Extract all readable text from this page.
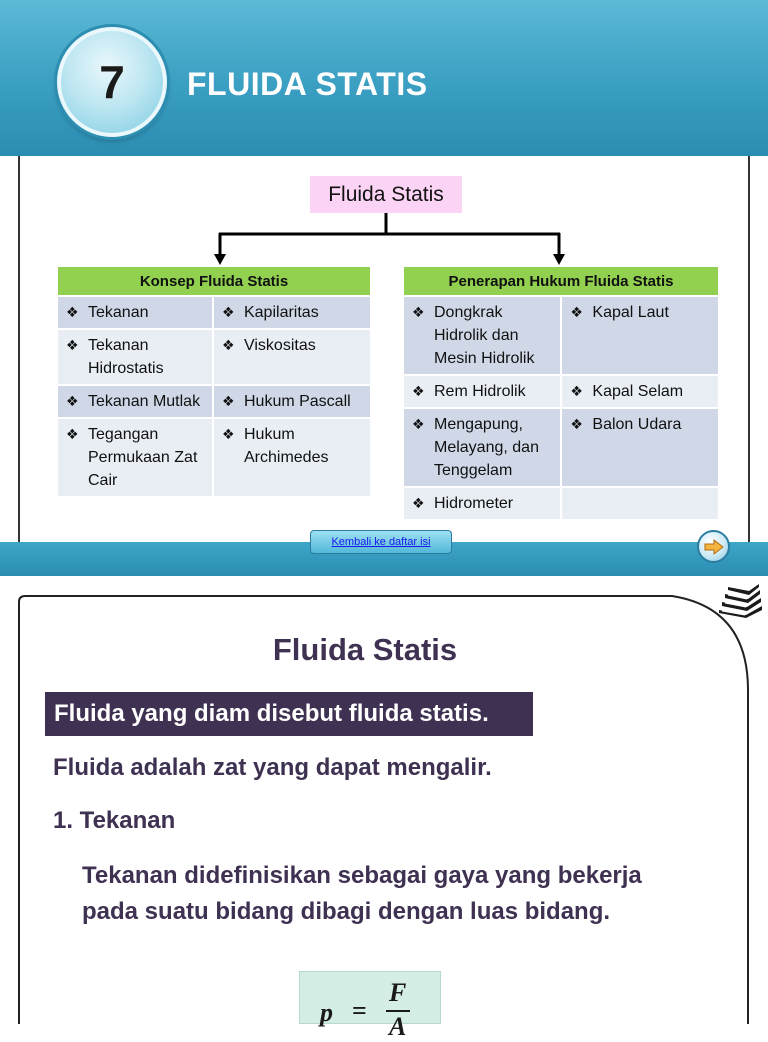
7 FLUIDA STATIS
Fluida Statis
Konsep Fluida Statis
❖ Tekanan	❖ Kapilaritas

❖ Tekanan Hidrostatis	❖ Viskositas

❖ Tekanan Mutlak	❖ Hukum Pascall

❖ Tegangan Permukaan Zat Cair	❖ Hukum Archimedes
Penerapan Hukum Fluida Statis
❖ Dongkrak Hidrolik dan Mesin Hidrolik	❖ Kapal Laut

❖ Rem Hidrolik	❖ Kapal Selam

❖ Mengapung, Melayang, dan Tenggelam	❖ Balon Udara

❖ Hidrometer	

Kembali ke daftar isi
Fluida Statis
Fluida yang diam disebut fluida statis.
Fluida adalah zat yang dapat mengalir.
1. Tekanan
Tekanan didefinisikan sebagai gaya yang bekerja pada suatu bidang dibagi dengan luas bidang.
p =
F
A
